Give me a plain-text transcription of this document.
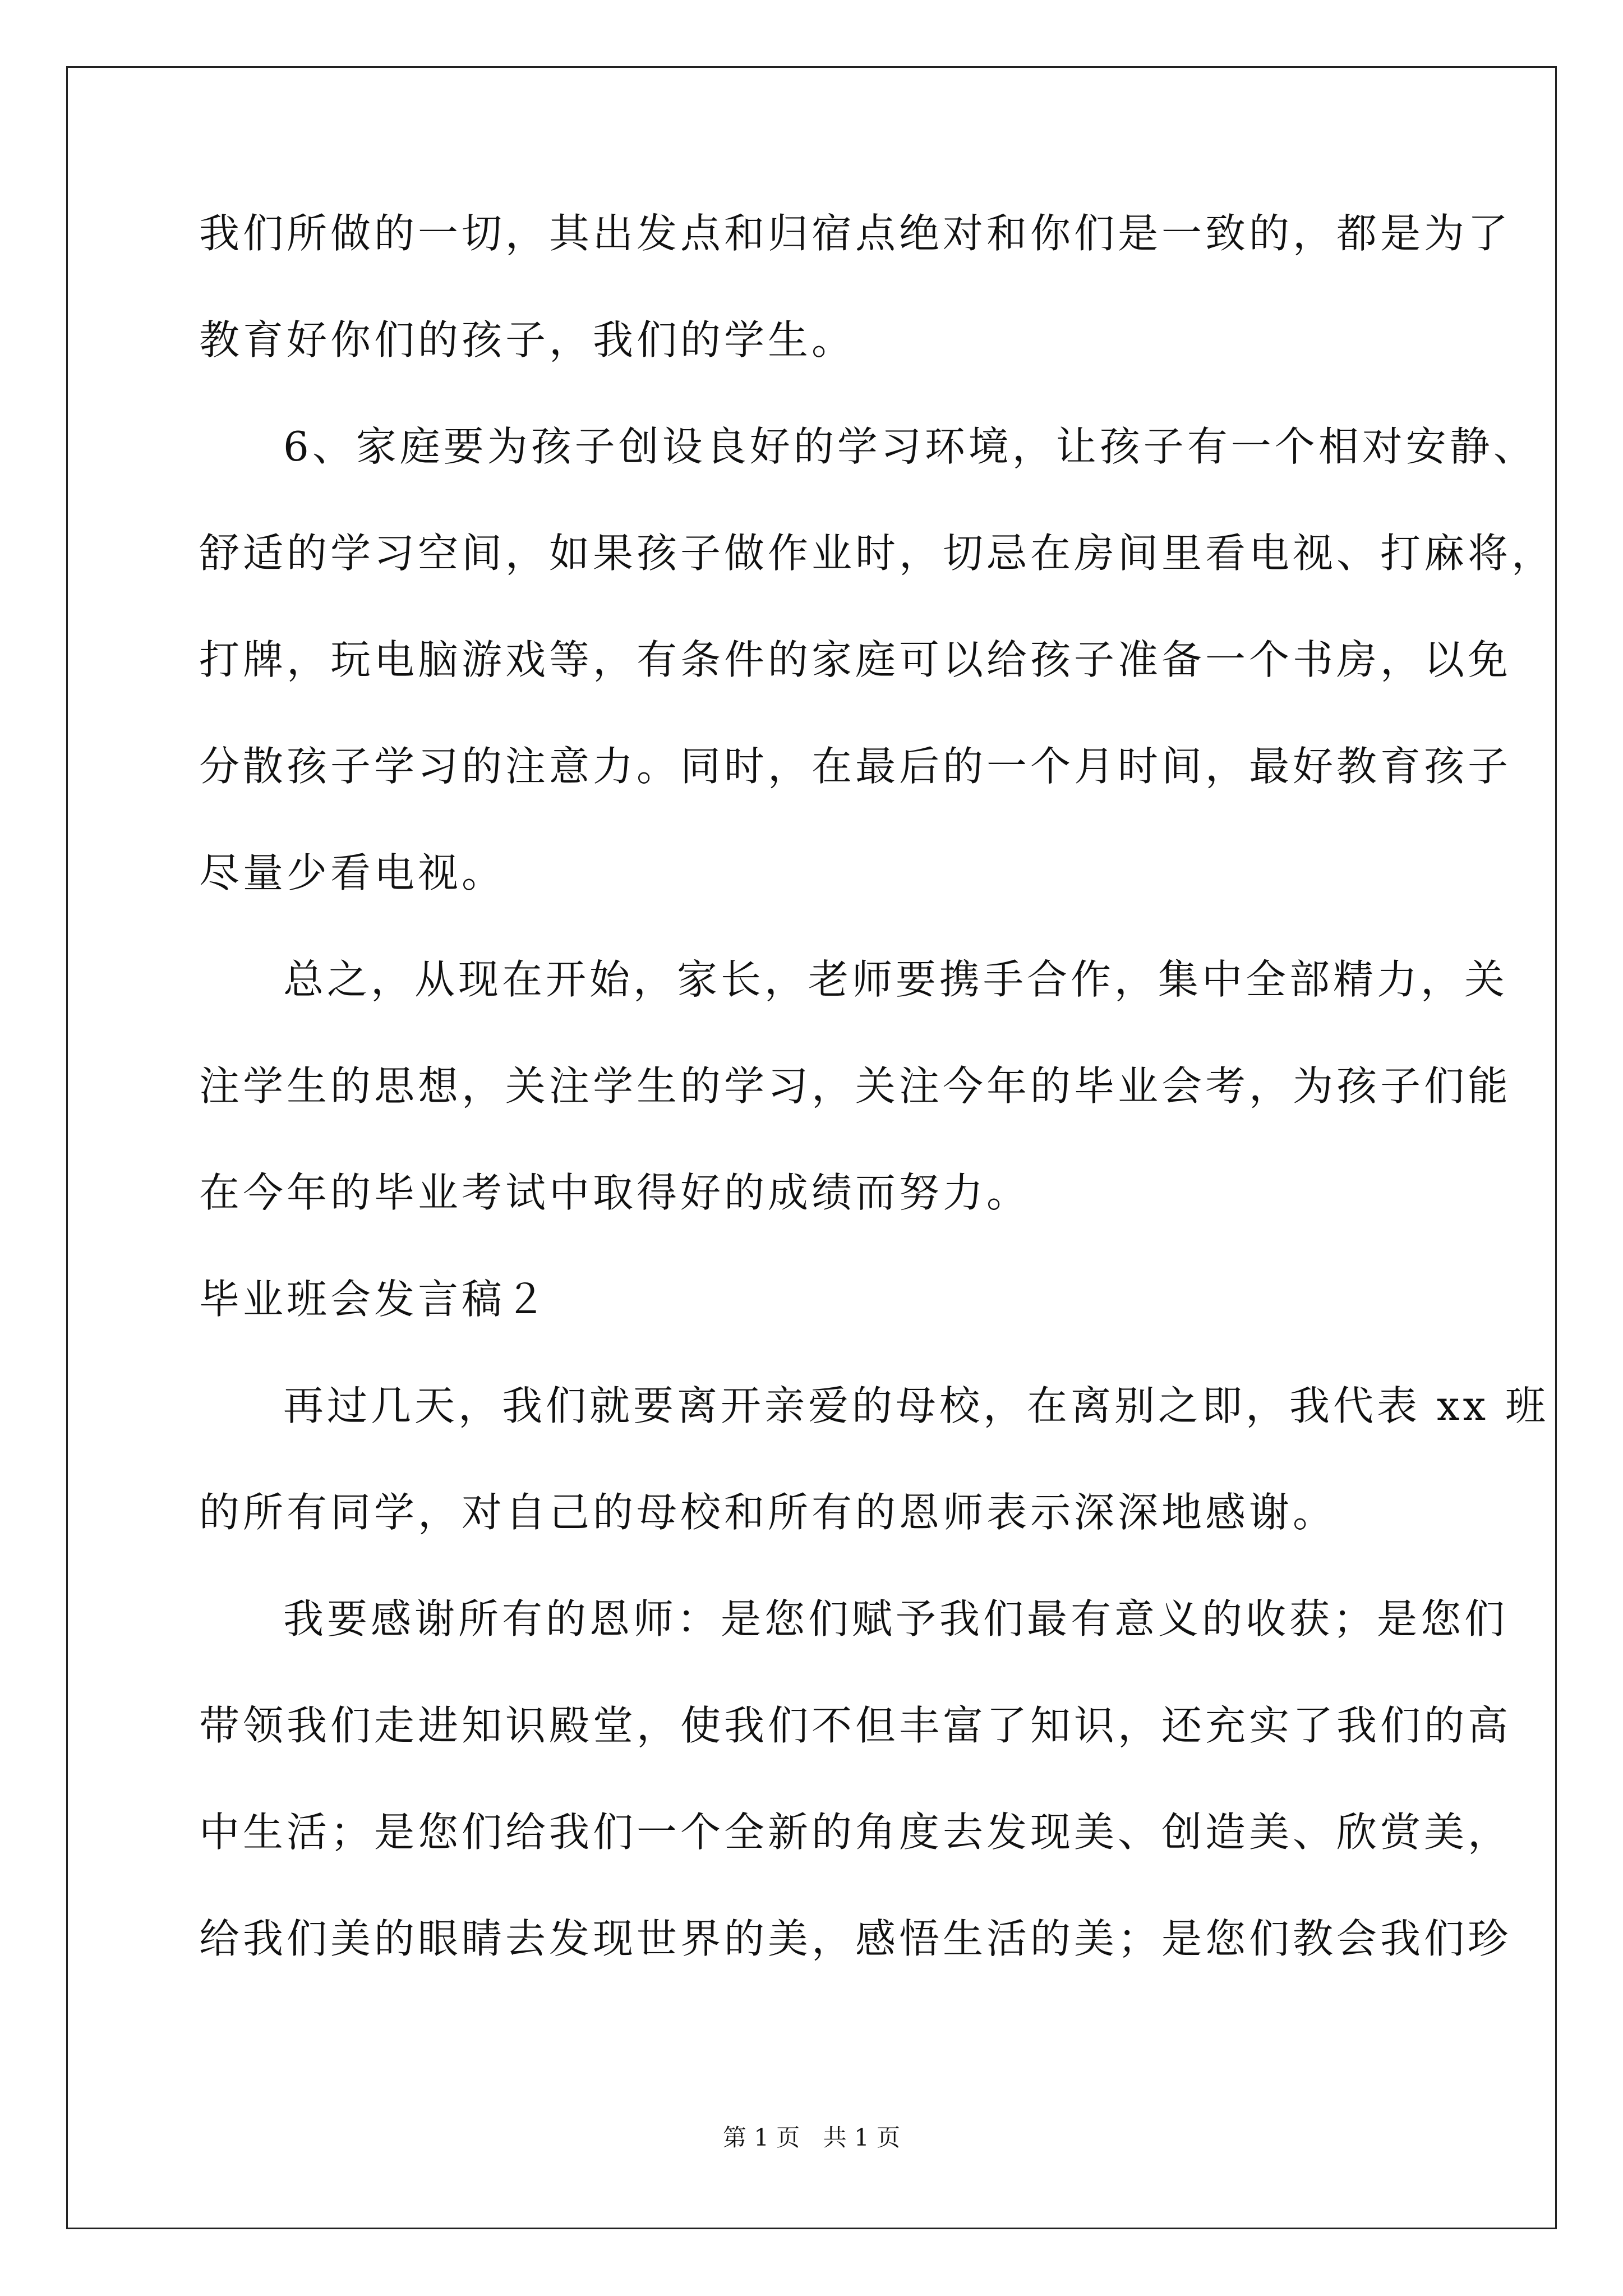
我们所做的一切，其出发点和归宿点绝对和你们是一致的，都是为了

教育好你们的孩子，我们的学生。

6、家庭要为孩子创设良好的学习环境，让孩子有一个相对安静、

舒适的学习空间，如果孩子做作业时，切忌在房间里看电视、打麻将，

打牌，玩电脑游戏等，有条件的家庭可以给孩子准备一个书房，以免

分散孩子学习的注意力。同时，在最后的一个月时间，最好教育孩子

尽量少看电视。

总之，从现在开始，家长，老师要携手合作，集中全部精力，关

注学生的思想，关注学生的学习，关注今年的毕业会考，为孩子们能

在今年的毕业考试中取得好的成绩而努力。

毕业班会发言稿２

再过几天，我们就要离开亲爱的母校，在离别之即，我代表 xx 班

的所有同学，对自己的母校和所有的恩师表示深深地感谢。

我要感谢所有的恩师：是您们赋予我们最有意义的收获；是您们

带领我们走进知识殿堂，使我们不但丰富了知识，还充实了我们的高

中生活；是您们给我们一个全新的角度去发现美、创造美、欣赏美，

给我们美的眼睛去发现世界的美，感悟生活的美；是您们教会我们珍

第 1 页 共 1 页
